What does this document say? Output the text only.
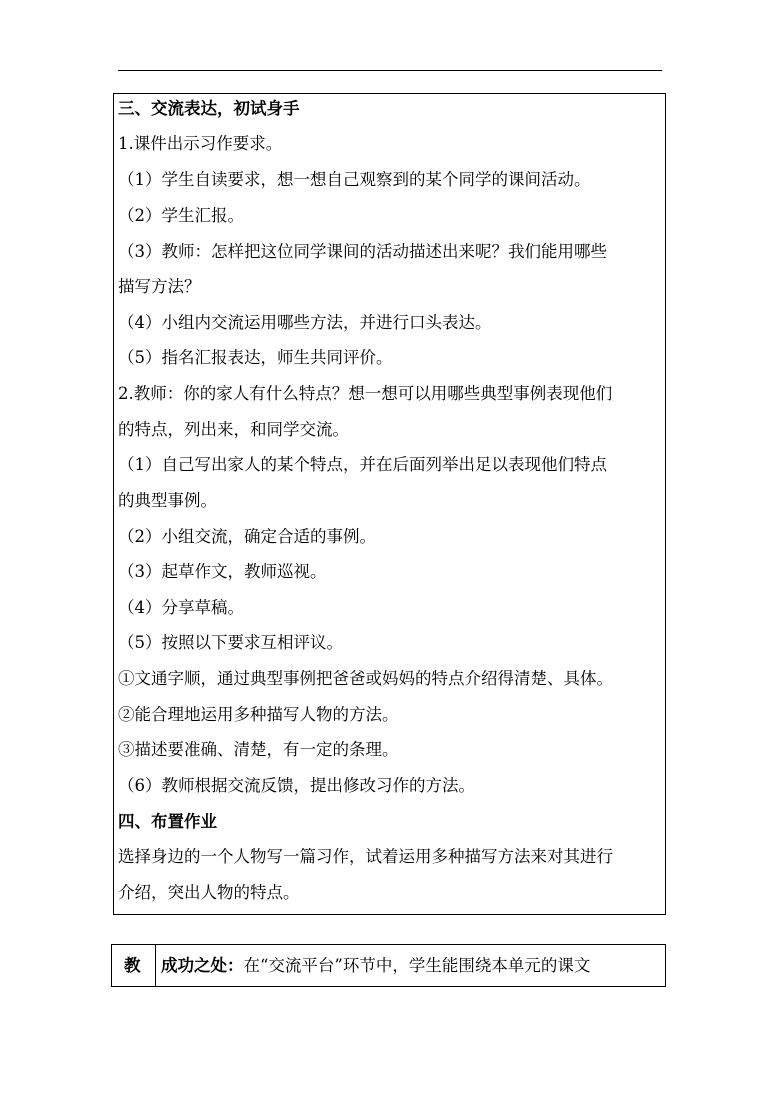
三、交流表达，初试身手
1.课件出示习作要求。
（1）学生自读要求，想一想自己观察到的某个同学的课间活动。
（2）学生汇报。
（3）教师：怎样把这位同学课间的活动描述出来呢？我们能用哪些
描写方法？
（4）小组内交流运用哪些方法，并进行口头表达。
（5）指名汇报表达，师生共同评价。
2.教师：你的家人有什么特点？想一想可以用哪些典型事例表现他们
的特点，列出来，和同学交流。
（1）自己写出家人的某个特点，并在后面列举出足以表现他们特点
的典型事例。
（2）小组交流，确定合适的事例。
（3）起草作文，教师巡视。
（4）分享草稿。
（5）按照以下要求互相评议。
①文通字顺，通过典型事例把爸爸或妈妈的特点介绍得清楚、具体。
②能合理地运用多种描写人物的方法。
③描述要准确、清楚，有一定的条理。
（6）教师根据交流反馈，提出修改习作的方法。
四、布置作业
选择身边的一个人物写一篇习作，试着运用多种描写方法来对其进行
介绍，突出人物的特点。
教 成功之处：在“交流平台”环节中，学生能围绕本单元的课文
